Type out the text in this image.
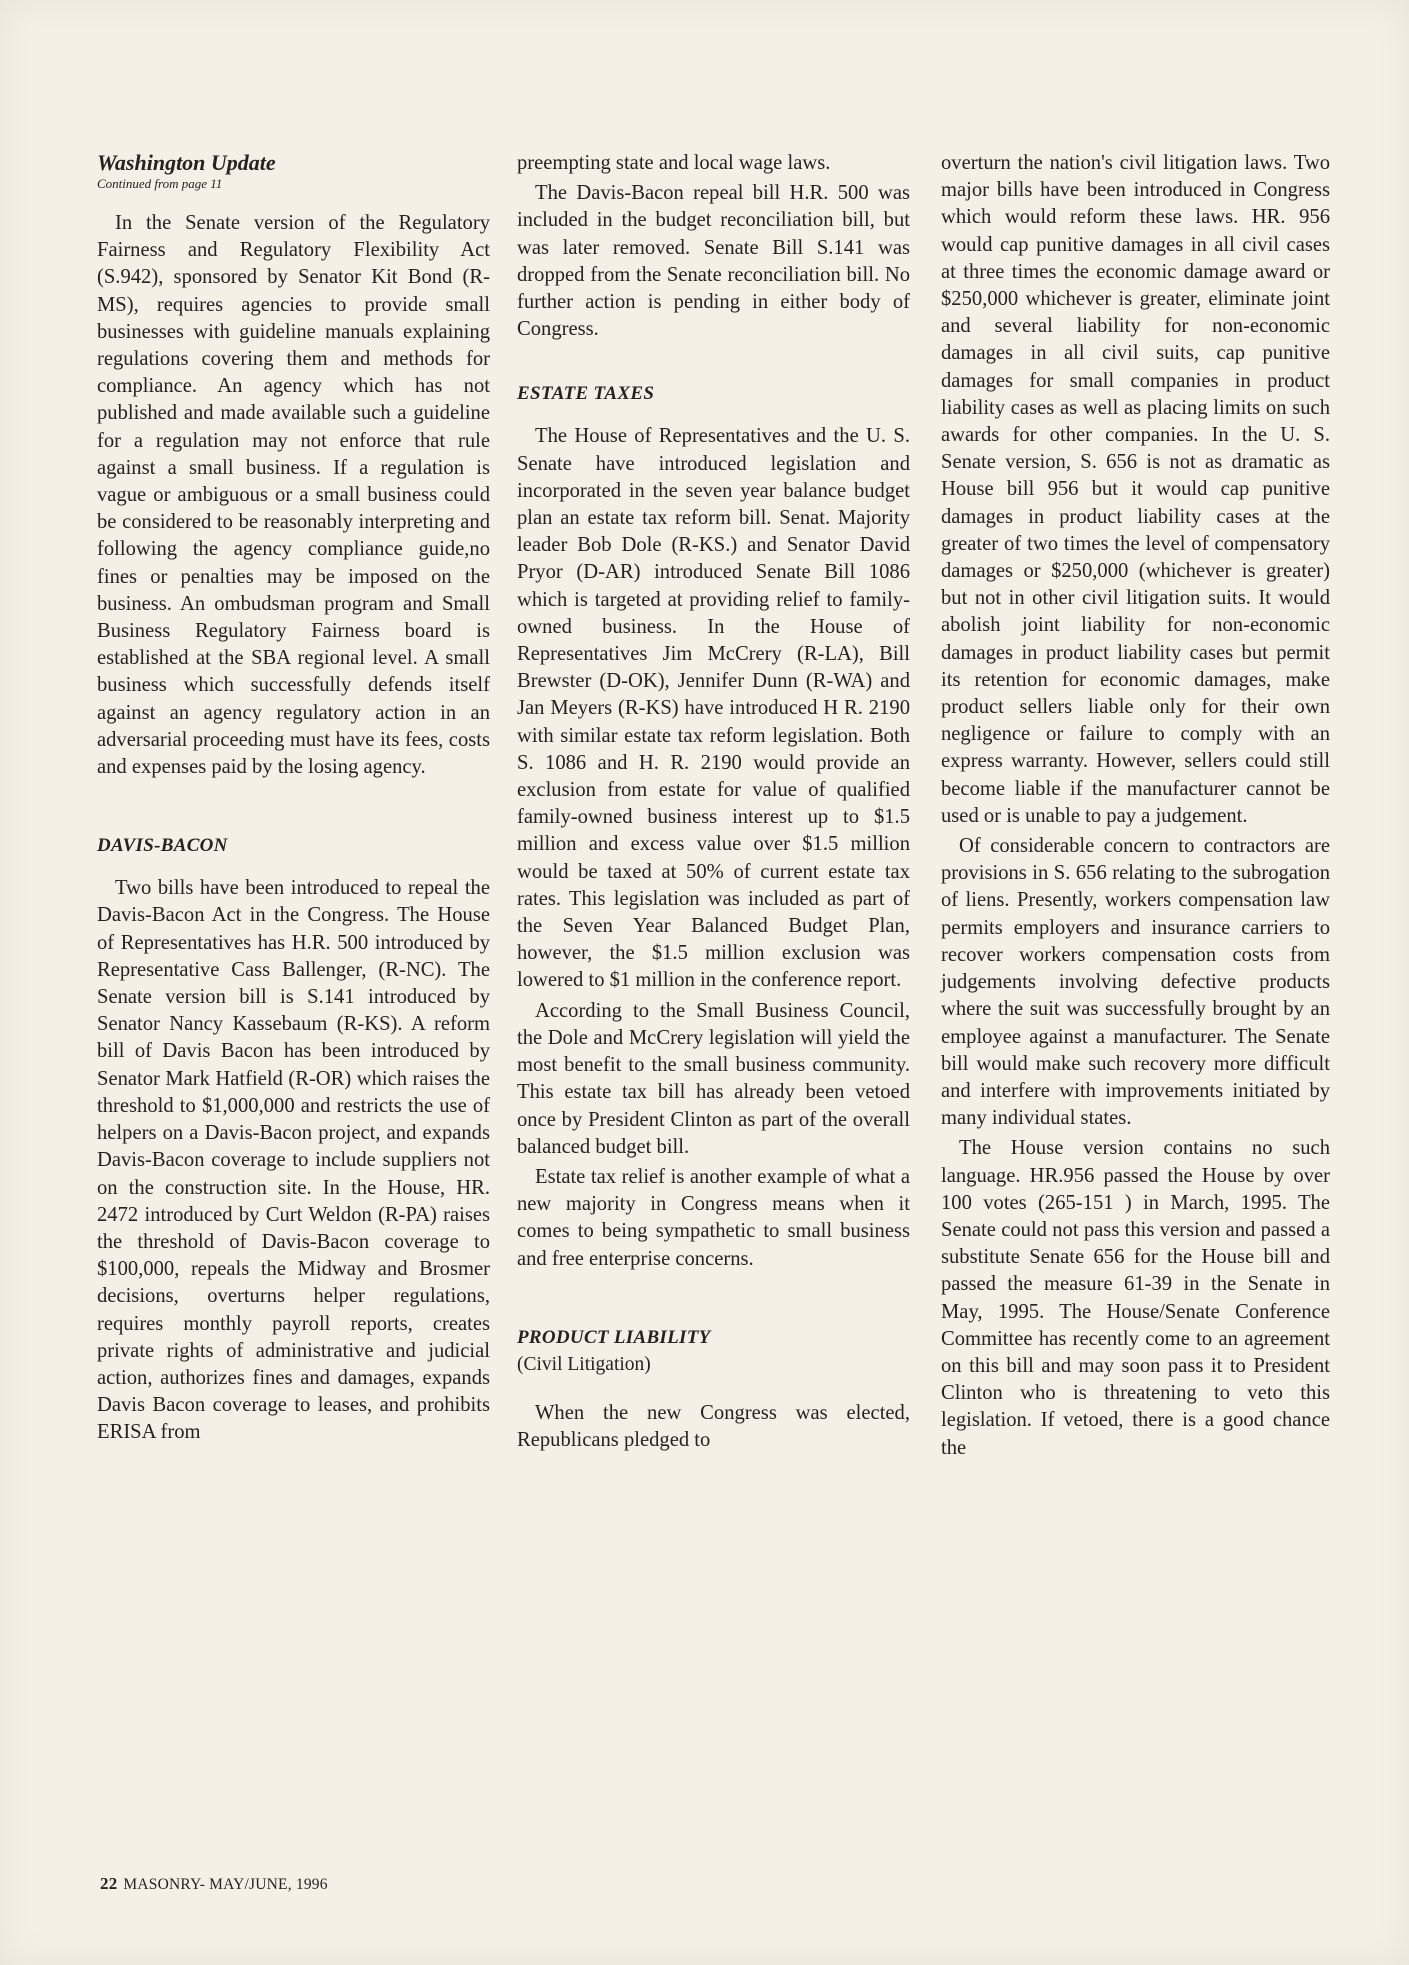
Washington Update
Continued from page 11

In the Senate version of the Regulatory Fairness and Regulatory Flexibility Act (S.942), sponsored by Senator Kit Bond (R-MS), requires agencies to provide small businesses with guideline manuals explaining regulations covering them and methods for compliance. An agency which has not published and made available such a guideline for a regulation may not enforce that rule against a small business. If a regulation is vague or ambiguous or a small business could be considered to be reasonably interpreting and following the agency compliance guide,no fines or penalties may be imposed on the business. An ombudsman program and Small Business Regulatory Fairness board is established at the SBA regional level. A small business which successfully defends itself against an agency regulatory action in an adversarial proceeding must have its fees, costs and expenses paid by the losing agency.

DAVIS-BACON

Two bills have been introduced to repeal the Davis-Bacon Act in the Congress. The House of Representatives has H.R. 500 introduced by Representative Cass Ballenger, (R-NC). The Senate version bill is S.141 introduced by Senator Nancy Kassebaum (R-KS). A reform bill of Davis Bacon has been introduced by Senator Mark Hatfield (R-OR) which raises the threshold to $1,000,000 and restricts the use of helpers on a Davis-Bacon project, and expands Davis-Bacon coverage to include suppliers not on the construction site. In the House, HR. 2472 introduced by Curt Weldon (R-PA) raises the threshold of Davis-Bacon coverage to $100,000, repeals the Midway and Brosmer decisions, overturns helper regulations, requires monthly payroll reports, creates private rights of administrative and judicial action, authorizes fines and damages, expands Davis Bacon coverage to leases, and prohibits ERISA from

preempting state and local wage laws.

The Davis-Bacon repeal bill H.R. 500 was included in the budget reconciliation bill, but was later removed. Senate Bill S.141 was dropped from the Senate reconciliation bill. No further action is pending in either body of Congress.

ESTATE TAXES

The House of Representatives and the U. S. Senate have introduced legislation and incorporated in the seven year balance budget plan an estate tax reform bill. Senat. Majority leader Bob Dole (R-KS.) and Senator David Pryor (D-AR) introduced Senate Bill 1086 which is targeted at providing relief to family-owned business. In the House of Representatives Jim McCrery (R-LA), Bill Brewster (D-OK), Jennifer Dunn (R-WA) and Jan Meyers (R-KS) have introduced H R. 2190 with similar estate tax reform legislation. Both S. 1086 and H. R. 2190 would provide an exclusion from estate for value of qualified family-owned business interest up to $1.5 million and excess value over $1.5 million would be taxed at 50% of current estate tax rates. This legislation was included as part of the Seven Year Balanced Budget Plan, however, the $1.5 million exclusion was lowered to $1 million in the conference report.

According to the Small Business Council, the Dole and McCrery legislation will yield the most benefit to the small business community. This estate tax bill has already been vetoed once by President Clinton as part of the overall balanced budget bill.

Estate tax relief is another example of what a new majority in Congress means when it comes to being sympathetic to small business and free enterprise concerns.

PRODUCT LIABILITY
(Civil Litigation)

When the new Congress was elected, Republicans pledged to

overturn the nation's civil litigation laws. Two major bills have been introduced in Congress which would reform these laws. HR. 956 would cap punitive damages in all civil cases at three times the economic damage award or $250,000 whichever is greater, eliminate joint and several liability for non-economic damages in all civil suits, cap punitive damages for small companies in product liability cases as well as placing limits on such awards for other companies. In the U. S. Senate version, S. 656 is not as dramatic as House bill 956 but it would cap punitive damages in product liability cases at the greater of two times the level of compensatory damages or $250,000 (whichever is greater) but not in other civil litigation suits. It would abolish joint liability for non-economic damages in product liability cases but permit its retention for economic damages, make product sellers liable only for their own negligence or failure to comply with an express warranty. However, sellers could still become liable if the manufacturer cannot be used or is unable to pay a judgement.

Of considerable concern to contractors are provisions in S. 656 relating to the subrogation of liens. Presently, workers compensation law permits employers and insurance carriers to recover workers compensation costs from judgements involving defective products where the suit was successfully brought by an employee against a manufacturer. The Senate bill would make such recovery more difficult and interfere with improvements initiated by many individual states.

The House version contains no such language. HR.956 passed the House by over 100 votes (265-151 ) in March, 1995. The Senate could not pass this version and passed a substitute Senate 656 for the House bill and passed the measure 61-39 in the Senate in May, 1995. The House/Senate Conference Committee has recently come to an agreement on this bill and may soon pass it to President Clinton who is threatening to veto this legislation. If vetoed, there is a good chance the

22 MASONRY- MAY/JUNE, 1996
